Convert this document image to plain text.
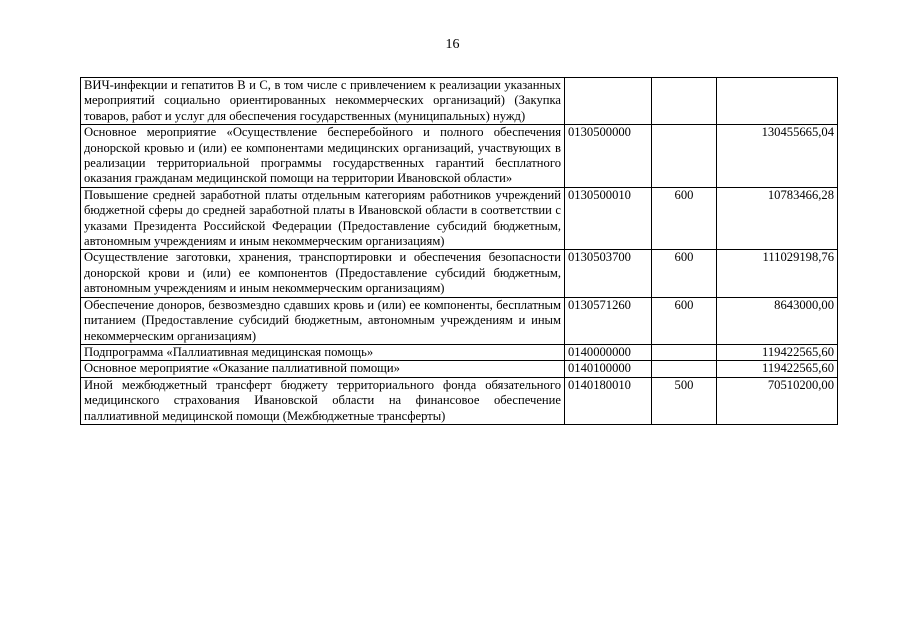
16
ВИЧ-инфекции и гепатитов В и С, в том числе с привлечением к реализации указанных мероприятий социально ориентированных некоммерческих организаций) (Закупка товаров, работ и услуг для обеспечения государственных (муниципальных) нужд)			
Основное мероприятие «Осуществление бесперебойного и полного обеспечения донорской кровью и (или) ее компонентами медицинских организаций, участвующих в реализации территориальной программы государственных гарантий бесплатного оказания гражданам медицинской помощи на территории Ивановской области»	0130500000		130455665,04
Повышение средней заработной платы отдельным категориям работников учреждений бюджетной сферы до средней заработной платы в Ивановской области в соответствии с указами Президента Российской Федерации (Предоставление субсидий бюджетным, автономным учреждениям и иным некоммерческим организациям)	0130500010	600	10783466,28
Осуществление заготовки, хранения, транспортировки и обеспечения безопасности донорской крови и (или) ее компонентов (Предоставление субсидий бюджетным, автономным учреждениям и иным некоммерческим организациям)	0130503700	600	111029198,76
Обеспечение доноров, безвозмездно сдавших кровь и (или) ее компоненты, бесплатным питанием (Предоставление субсидий бюджетным, автономным учреждениям и иным некоммерческим организациям)	0130571260	600	8643000,00
Подпрограмма «Паллиативная медицинская помощь»	0140000000		119422565,60
Основное мероприятие «Оказание паллиативной помощи»	0140100000		119422565,60
Иной межбюджетный трансферт бюджету территориального фонда обязательного медицинского страхования Ивановской области на финансовое обеспечение паллиативной медицинской помощи (Межбюджетные трансферты)	0140180010	500	70510200,00
